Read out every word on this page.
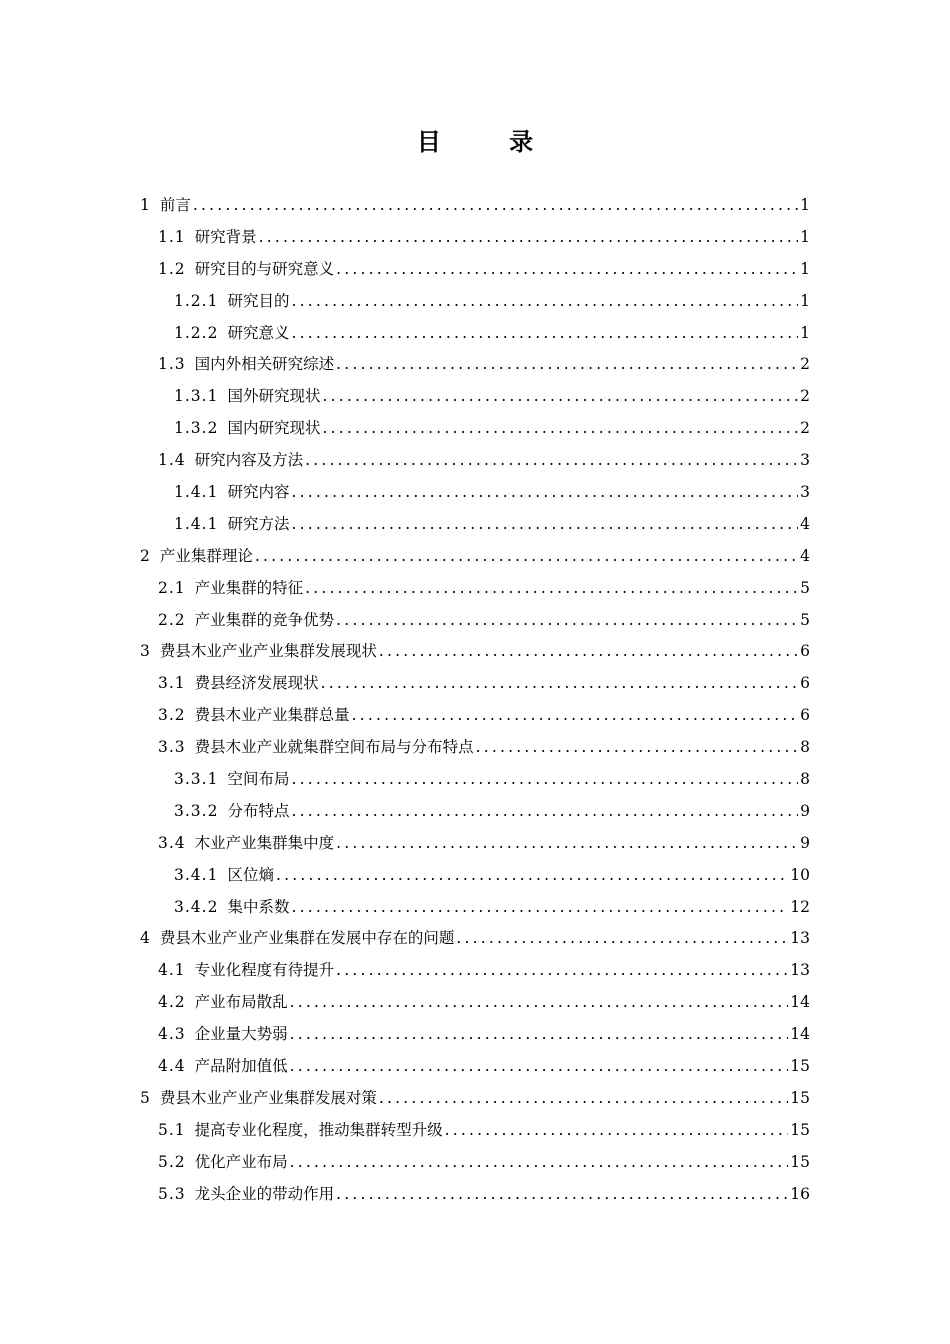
目 录
1 前言 .....	1
1.1 研究背景 .....	1
1.2 研究目的与研究意义 .....	1
1.2.1 研究目的 .....	1
1.2.2 研究意义 .....	1
1.3 国内外相关研究综述 .....	2
1.3.1 国外研究现状 .....	2
1.3.2 国内研究现状 .....	2
1.4 研究内容及方法 .....	3
1.4.1 研究内容 .....	3
1.4.1 研究方法 .....	4
2 产业集群理论 .....	4
2.1 产业集群的特征 .....	5
2.2 产业集群的竞争优势 .....	5
3 费县木业产业产业集群发展现状 .....	6
3.1 费县经济发展现状 .....	6
3.2 费县木业产业集群总量 .....	6
3.3 费县木业产业就集群空间布局与分布特点 .....	8
3.3.1 空间布局 .....	8
3.3.2 分布特点 .....	9
3.4 木业产业集群集中度 .....	9
3.4.1 区位熵 .....	10
3.4.2 集中系数 .....	12
4 费县木业产业产业集群在发展中存在的问题 .....	13
4.1 专业化程度有待提升 .....	13
4.2 产业布局散乱 .....	14
4.3 企业量大势弱 .....	14
4.4 产品附加值低 .....	15
5 费县木业产业产业集群发展对策 .....	15
5.1 提高专业化程度，推动集群转型升级 .....	15
5.2 优化产业布局 .....	15
5.3 龙头企业的带动作用 .....	16
